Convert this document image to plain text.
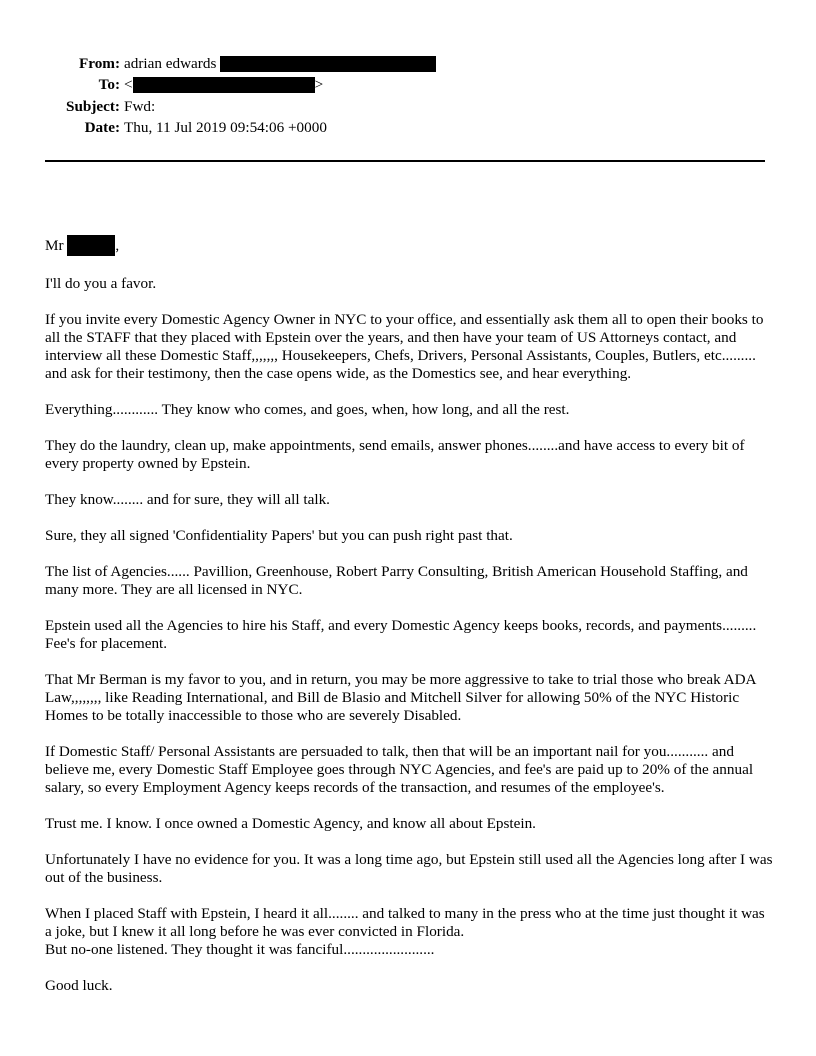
From: adrian edwards
To: <	>
Subject: Fwd:
Date: Thu, 11 Jul 2019 09:54:06 +0000

Mr	,

I'll do you a favor.

If you invite every Domestic Agency Owner in NYC to your office, and essentially ask them all to open their books to all the STAFF that they placed with Epstein over the years, and then have your team of US Attorneys contact, and interview all these Domestic Staff,,,,,,, Housekeepers, Chefs, Drivers, Personal Assistants, Couples, Butlers, etc......... and ask for their testimony, then the case opens wide, as the Domestics see, and hear everything.

Everything............ They know who comes, and goes, when, how long, and all the rest.

They do the laundry, clean up, make appointments, send emails, answer phones........and have access to every bit of every property owned by Epstein.

They know........ and for sure, they will all talk.

Sure, they all signed 'Confidentiality Papers' but you can push right past that.

The list of Agencies...... Pavillion, Greenhouse, Robert Parry Consulting, British American Household Staffing, and many more. They are all licensed in NYC.

Epstein used all the Agencies to hire his Staff, and every Domestic Agency keeps books, records, and payments......... Fee's for placement.

That Mr Berman is my favor to you, and in return, you may be more aggressive to take to trial those who break ADA Law,,,,,,,, like Reading International, and Bill de Blasio and Mitchell Silver for allowing 50% of the NYC Historic Homes to be totally inaccessible to those who are severely Disabled.

If Domestic Staff/ Personal Assistants are persuaded to talk, then that will be an important nail for you........... and believe me, every Domestic Staff Employee goes through NYC Agencies, and fee's are paid up to 20% of the annual salary, so every Employment Agency keeps records of the transaction, and resumes of the employee's.

Trust me. I know. I once owned a Domestic Agency, and know all about Epstein.

Unfortunately I have no evidence for you. It was a long time ago, but Epstein still used all the Agencies long after I was out of the business.

When I placed Staff with Epstein, I heard it all........ and talked to many in the press who at the time just thought it was a joke, but I knew it all long before he was ever convicted in Florida.

But no-one listened. They thought it was fanciful........................

Good luck.
